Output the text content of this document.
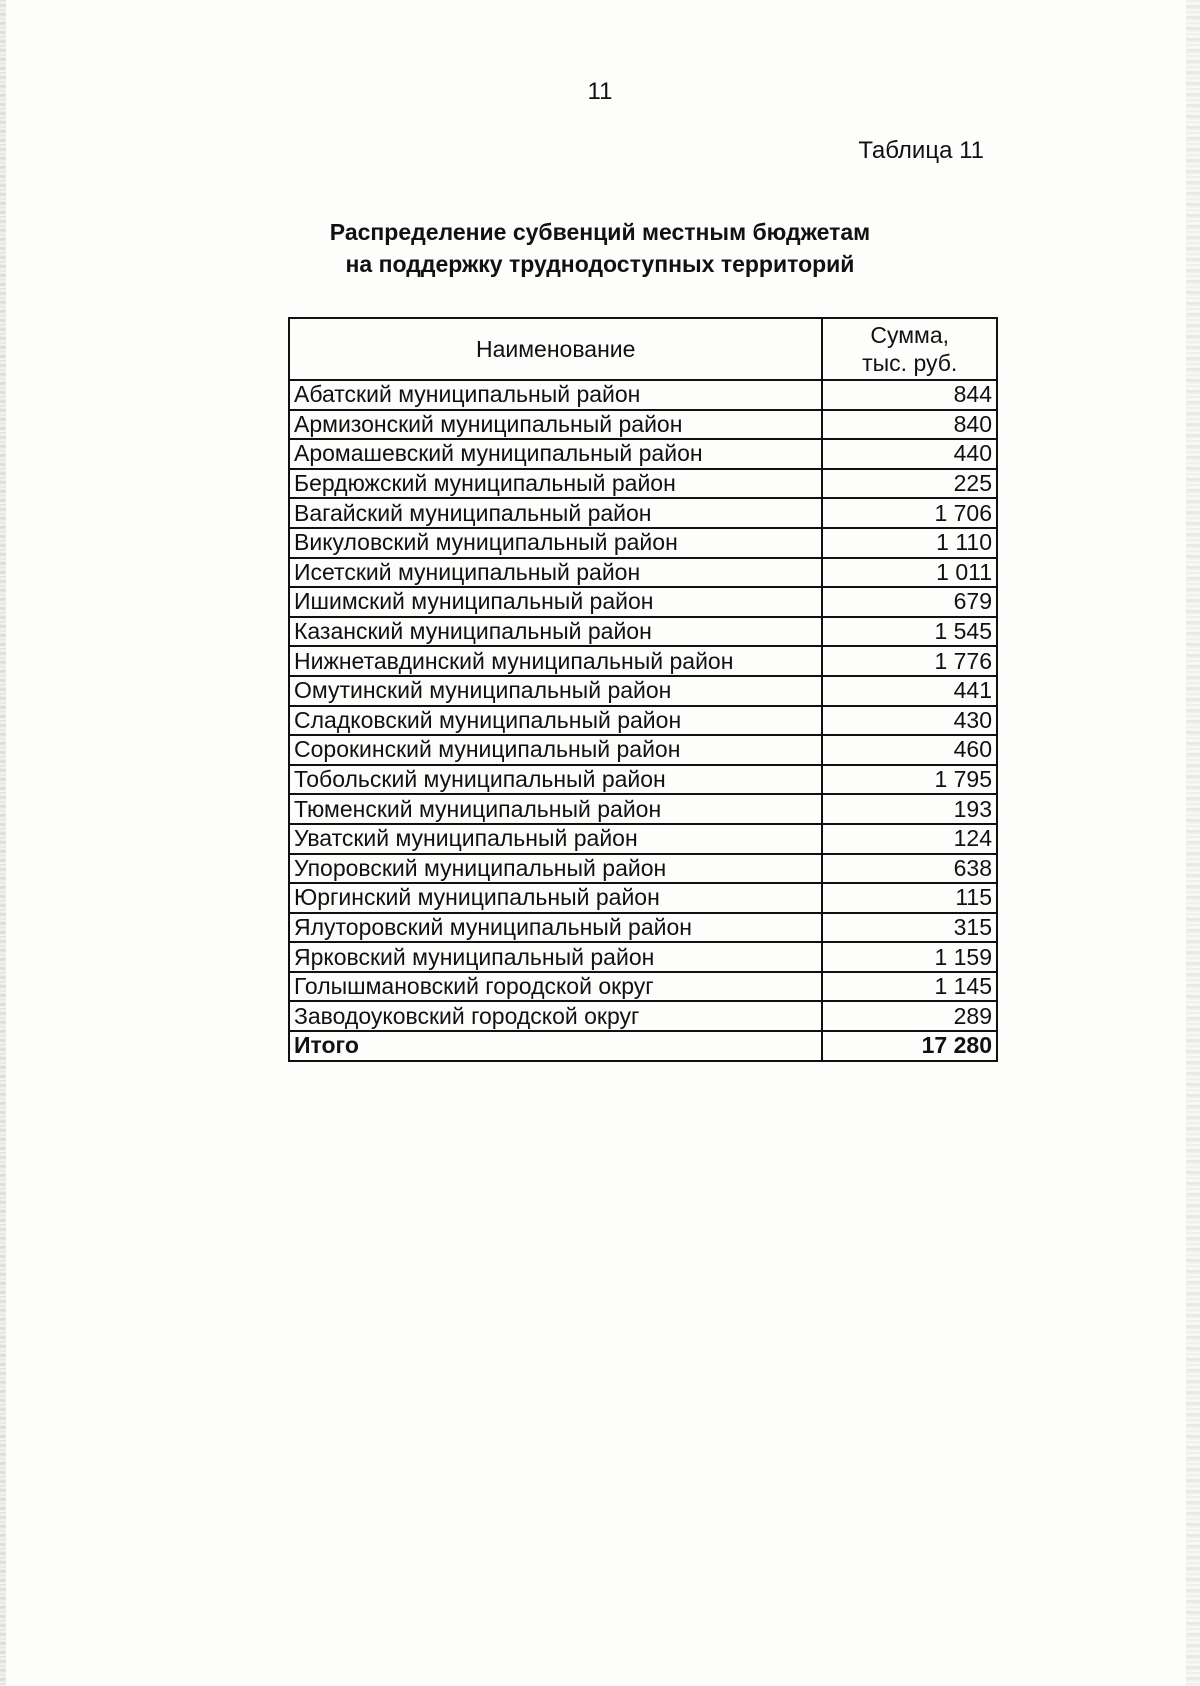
11
Таблица 11
Распределение субвенций местным бюджетам
на поддержку труднодоступных территорий
Наименование	Сумма,
тыс. руб.
Абатский муниципальный район	844
Армизонский муниципальный район	840
Аромашевский муниципальный район	440
Бердюжский муниципальный район	225
Вагайский муниципальный район	1 706
Викуловский муниципальный район	1 110
Исетский муниципальный район	1 011
Ишимский муниципальный район	679
Казанский муниципальный район	1 545
Нижнетавдинский муниципальный район	1 776
Омутинский муниципальный район	441
Сладковский муниципальный район	430
Сорокинский муниципальный район	460
Тобольский муниципальный район	1 795
Тюменский муниципальный район	193
Уватский муниципальный район	124
Упоровский муниципальный район	638
Юргинский муниципальный район	115
Ялуторовский муниципальный район	315
Ярковский муниципальный район	1 159
Голышмановский городской округ	1 145
Заводоуковский городской округ	289
Итого	17 280
